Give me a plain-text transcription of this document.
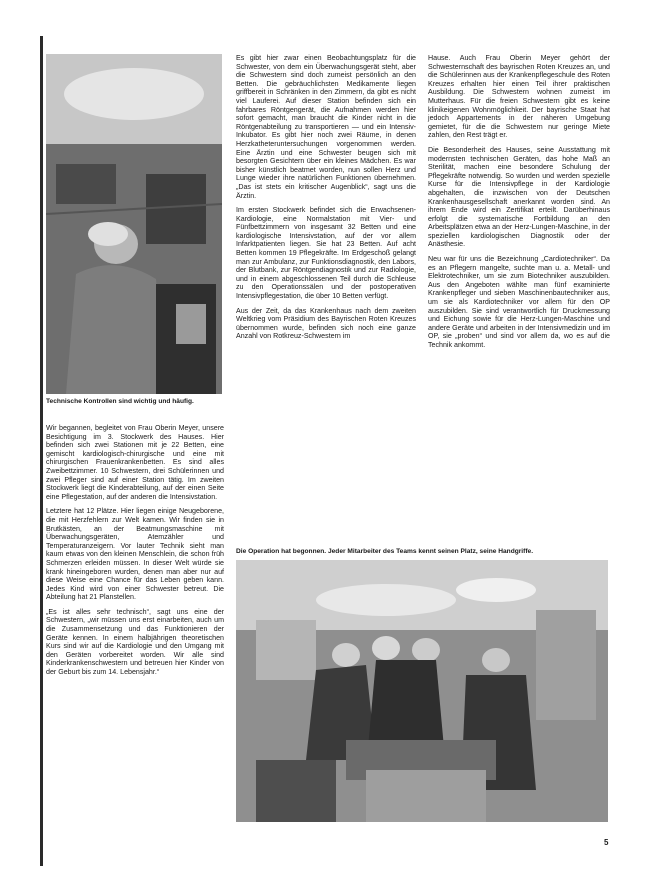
Technische Kontrollen sind wichtig und häufig.

Wir begannen, begleitet von Frau Oberin Meyer, unsere Besichtigung im 3. Stockwerk des Hauses. Hier befinden sich zwei Stationen mit je 22 Betten, eine gemischt kardiologisch-chirurgische und eine mit chirurgischen Frauenkrankenbetten. Es sind alles Zweibettzimmer. 10 Schwestern, drei Schülerinnen und zwei Pfleger sind auf einer Station tätig. Im zweiten Stockwerk liegt die Kinderabteilung, auf der einen Seite eine Pflegestation, auf der anderen die Intensivstation.

Letztere hat 12 Plätze. Hier liegen einige Neugeborene, die mit Herzfehlern zur Welt kamen. Wir finden sie in Brutkästen, an der Beatmungsmaschine mit Überwachungsgeräten, Atemzähler und Temperaturanzeigern. Vor lauter Technik sieht man kaum etwas von den kleinen Menschlein, die schon früh Schmerzen erleiden müssen. In dieser Welt würde sie krank hineingeboren wurden, denen man aber nur auf diese Weise eine Chance für das Leben geben kann. Jedes Kind wird von einer Schwester betreut. Die Abteilung hat 21 Planstellen.

„Es ist alles sehr technisch“, sagt uns eine der Schwestern, „wir müssen uns erst einarbeiten, auch um die Zusammensetzung und das Funktionieren der Geräte kennen. In einem halbjährigen theoretischen Kurs sind wir auf die Kardiologie und den Umgang mit den Geräten vorbereitet worden. Wir alle sind Kinderkrankenschwestern und betreuen hier Kinder von der Geburt bis zum 14. Lebensjahr.“

Es gibt hier zwar einen Beobachtungsplatz für die Schwester, von dem ein Überwachungsgerät steht, aber die Schwestern sind doch zumeist persönlich an den Betten. Die gebräuchlichsten Medikamente liegen griffbereit in Schränken in den Zimmern, da gibt es nicht viel Lauferei. Auf dieser Station befinden sich ein fahrbares Röntgengerät, die Aufnahmen werden hier sofort gemacht, man braucht die Kinder nicht in die Röntgenabteilung zu transportieren — und ein Intensiv-Inkubator. Es gibt hier noch zwei Räume, in denen Herzkatheteruntersuchungen vorgenommen werden. Eine Ärztin und eine Schwester beugen sich mit besorgten Gesichtern über ein kleines Mädchen. Es war bisher künstlich beatmet worden, nun sollen Herz und Lunge wieder ihre natürlichen Funktionen übernehmen. „Das ist stets ein kritischer Augenblick“, sagt uns die Ärztin.

Im ersten Stockwerk befindet sich die Erwachsenen-Kardiologie, eine Normalstation mit Vier- und Fünfbettzimmern von insgesamt 32 Betten und eine kardiologische Intensivstation, auf der vor allem Infarktpatienten liegen. Sie hat 23 Betten. Auf acht Betten kommen 19 Pflegekräfte. Im Erdgeschoß gelangt man zur Ambulanz, zur Funktionsdiagnostik, den Labors, der Blutbank, zur Röntgendiagnostik und zur Radiologie, und in einem abgeschlossenen Teil durch die Schleuse zu den Operationssälen und der postoperativen Intensivpflegestation, die über 10 Betten verfügt.

Aus der Zeit, da das Krankenhaus nach dem zweiten Weltkrieg vom Präsidium des Bayrischen Roten Kreuzes übernommen wurde, befinden sich noch eine ganze Anzahl von Rotkreuz-Schwestern im

Hause. Auch Frau Oberin Meyer gehört der Schwesternschaft des bayrischen Roten Kreuzes an, und die Schülerinnen aus der Krankenpflegeschule des Roten Kreuzes erhalten hier einen Teil ihrer praktischen Ausbildung. Die Schwestern wohnen zumeist im Mutterhaus. Für die freien Schwestern gibt es keine klinikeigenen Wohnmöglichkeit. Der bayrische Staat hat jedoch Appartements in der näheren Umgebung gemietet, für die die Schwestern nur geringe Miete zahlen, den Rest trägt er.

Die Besonderheit des Hauses, seine Ausstattung mit modernsten technischen Geräten, das hohe Maß an Sterilität, machen eine besondere Schulung der Pflegekräfte notwendig. So wurden und werden spezielle Kurse für die Intensivpflege in der Kardiologie abgehalten, die inzwischen von der Deutschen Krankenhausgesellschaft anerkannt worden sind. An ihrem Ende wird ein Zertifikat erteilt. Darüberhinaus erfolgt die systematische Fortbildung an den Arbeitsplätzen etwa an der Herz-Lungen-Maschine, in der speziellen kardiologischen Diagnostik oder der Anästhesie.

Neu war für uns die Bezeichnung „Cardiotechniker“. Da es an Pflegern mangelte, suchte man u. a. Metall- und Elektrotechniker, um sie zum Biotechniker auszubilden. Aus den Angeboten wählte man fünf examinierte Krankenpfleger und sieben Maschinenbautechniker aus, um sie als Kardiotechniker vor allem für den OP auszubilden. Sie sind verantwortlich für Druckmessung und Eichung sowie für die Herz-Lungen-Maschine und andere Geräte und arbeiten in der Intensivmedizin und im OP, sie „proben“ und sind vor allem da, wo es auf die Technik ankommt.

Die Operation hat begonnen. Jeder Mitarbeiter des Teams kennt seinen Platz, seine Handgriffe.
5
